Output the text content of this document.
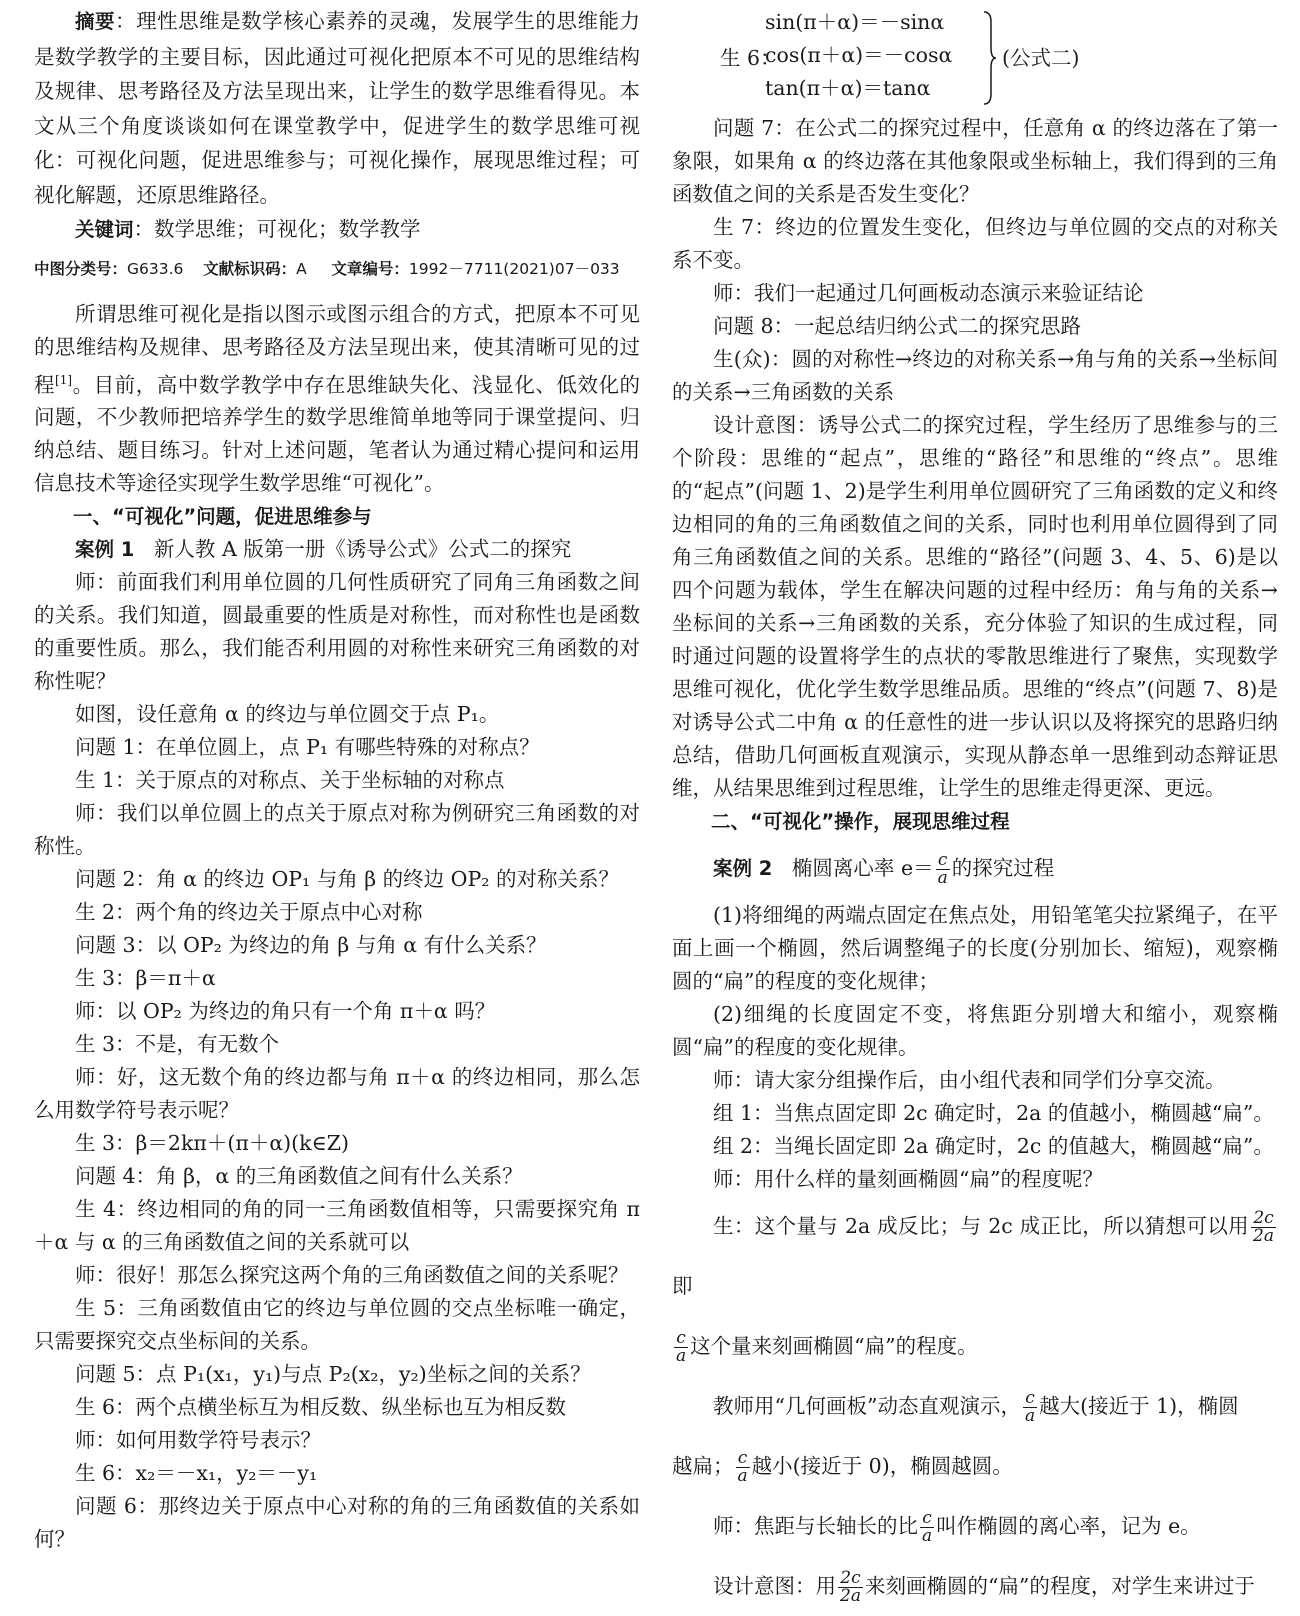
摘要：理性思维是数学核心素养的灵魂，发展学生的思维能力是数学教学的主要目标，因此通过可视化把原本不可见的思维结构及规律、思考路径及方法呈现出来，让学生的数学思维看得见。本文从三个角度谈谈如何在课堂教学中，促进学生的数学思维可视化：可视化问题，促进思维参与；可视化操作，展现思维过程；可视化解题，还原思维路径。

关键词：数学思维；可视化；数学教学

中图分类号：G633.6 文献标识码：A 文章编号：1992－7711(2021)07－033

所谓思维可视化是指以图示或图示组合的方式，把原本不可见的思维结构及规律、思考路径及方法呈现出来，使其清晰可见的过程[1]。目前，高中数学教学中存在思维缺失化、浅显化、低效化的问题，不少教师把培养学生的数学思维简单地等同于课堂提问、归纳总结、题目练习。针对上述问题，笔者认为通过精心提问和运用信息技术等途径实现学生数学思维“可视化”。

一、“可视化”问题，促进思维参与

案例 1 新人教 A 版第一册《诱导公式》公式二的探究

师：前面我们利用单位圆的几何性质研究了同角三角函数之间的关系。我们知道，圆最重要的性质是对称性，而对称性也是函数的重要性质。那么，我们能否利用圆的对称性来研究三角函数的对称性呢？

如图，设任意角 α 的终边与单位圆交于点 P₁。

问题 1：在单位圆上，点 P₁ 有哪些特殊的对称点？

生 1：关于原点的对称点、关于坐标轴的对称点

师：我们以单位圆上的点关于原点对称为例研究三角函数的对称性。

问题 2：角 α 的终边 OP₁ 与角 β 的终边 OP₂ 的对称关系？

生 2：两个角的终边关于原点中心对称

问题 3：以 OP₂ 为终边的角 β 与角 α 有什么关系？

生 3：β＝π＋α

师：以 OP₂ 为终边的角只有一个角 π＋α 吗？

生 3：不是，有无数个

师：好，这无数个角的终边都与角 π＋α 的终边相同，那么怎么用数学符号表示呢？

生 3：β＝2kπ＋(π＋α)(k∈Z)

问题 4：角 β，α 的三角函数值之间有什么关系？

生 4：终边相同的角的同一三角函数值相等，只需要探究角 π＋α 与 α 的三角函数值之间的关系就可以

师：很好！那怎么探究这两个角的三角函数值之间的关系呢？

生 5：三角函数值由它的终边与单位圆的交点坐标唯一确定，只需要探究交点坐标间的关系。

问题 5：点 P₁(x₁，y₁)与点 P₂(x₂，y₂)坐标之间的关系？

生 6：两个点横坐标互为相反数、纵坐标也互为相反数

师：如何用数学符号表示？

生 6：x₂＝－x₁，y₂＝－y₁

问题 6：那终边关于原点中心对称的角的三角函数值的关系如何？

生 6：
sin(π＋α)＝－sinα
cos(π＋α)＝－cosα
tan(π＋α)＝tanα
(公式二)

问题 7：在公式二的探究过程中，任意角 α 的终边落在了第一象限，如果角 α 的终边落在其他象限或坐标轴上，我们得到的三角函数值之间的关系是否发生变化？

生 7：终边的位置发生变化，但终边与单位圆的交点的对称关系不变。

师：我们一起通过几何画板动态演示来验证结论

问题 8：一起总结归纳公式二的探究思路

生(众)：圆的对称性→终边的对称关系→角与角的关系→坐标间的关系→三角函数的关系

设计意图：诱导公式二的探究过程，学生经历了思维参与的三个阶段：思维的“起点”，思维的“路径”和思维的“终点”。思维的“起点”(问题 1、2)是学生利用单位圆研究了三角函数的定义和终边相同的角的三角函数值之间的关系，同时也利用单位圆得到了同角三角函数值之间的关系。思维的“路径”(问题 3、4、5、6)是以四个问题为载体，学生在解决问题的过程中经历：角与角的关系→坐标间的关系→三角函数的关系，充分体验了知识的生成过程，同时通过问题的设置将学生的点状的零散思维进行了聚焦，实现数学思维可视化，优化学生数学思维品质。思维的“终点”(问题 7、8)是对诱导公式二中角 α 的任意性的进一步认识以及将探究的思路归纳总结，借助几何画板直观演示，实现从静态单一思维到动态辩证思维，从结果思维到过程思维，让学生的思维走得更深、更远。

二、“可视化”操作，展现思维过程

案例 2 椭圆离心率 $e= \frac{c}{a}$ 的探究过程

(1)将细绳的两端点固定在焦点处，用铅笔笔尖拉紧绳子，在平面上画一个椭圆，然后调整绳子的长度(分别加长、缩短)，观察椭圆的“扁”的程度的变化规律；

(2)细绳的长度固定不变，将焦距分别增大和缩小，观察椭圆“扁”的程度的变化规律。

师：请大家分组操作后，由小组代表和同学们分享交流。

组 1：当焦点固定即 2c 确定时，2a 的值越小，椭圆越“扁”。

组 2：当绳长固定即 2a 确定时，2c 的值越大，椭圆越“扁”。

师：用什么样的量刻画椭圆“扁”的程度呢？

生：这个量与 2a 成反比；与 2c 成正比，所以猜想可以用 $\frac{2c}{2a}$
即

$\frac{c}{a}$ 这个量来刻画椭圆“扁”的程度。

教师用“几何画板”动态直观演示， $\frac{c}{a}$ 越大(接近于 1)，椭圆
越扁； $\frac{c}{a}$ 越小(接近于 0)，椭圆越圆。

师：焦距与长轴长的比 $\frac{c}{a}$ 叫作椭圆的离心率，记为 e。

设计意图：用 $\frac{2c}{2a}$ 来刻画椭圆的“扁”的程度，对学生来讲过于
